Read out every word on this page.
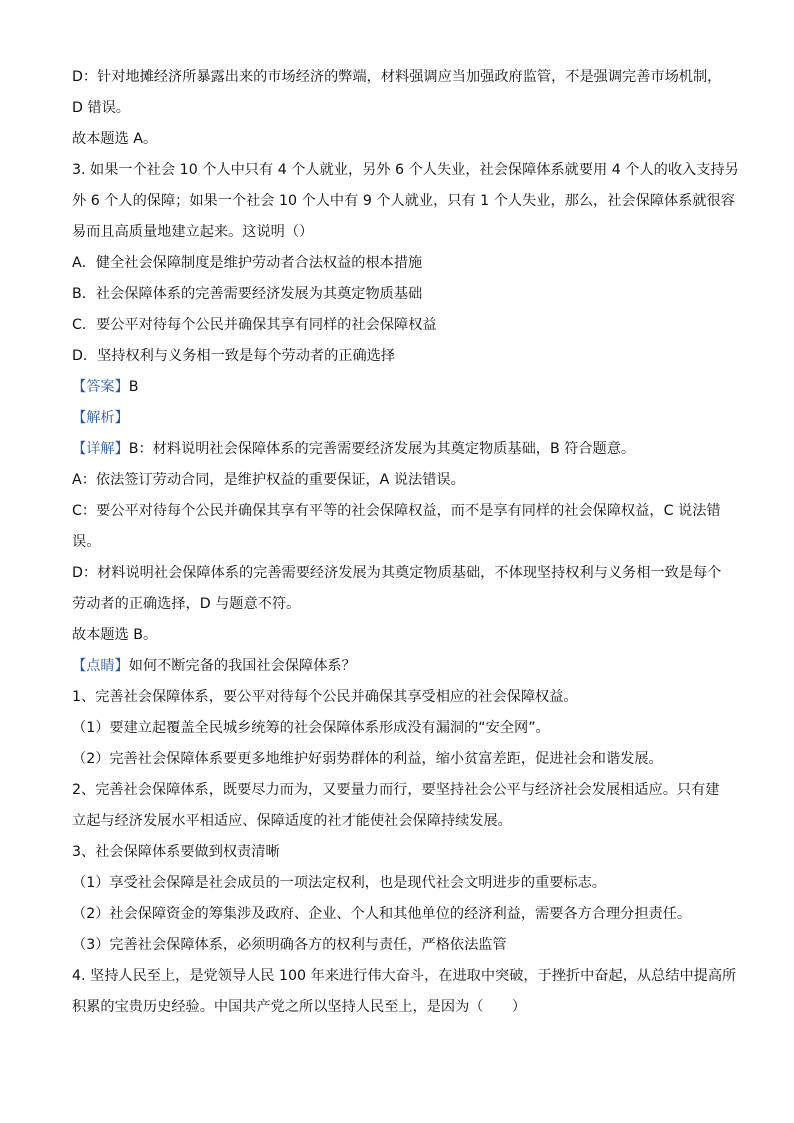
D：针对地摊经济所暴露出来的市场经济的弊端，材料强调应当加强政府监管，不是强调完善市场机制，

D 错误。

故本题选 A。

3. 如果一个社会 10 个人中只有 4 个人就业，另外 6 个人失业，社会保障体系就要用 4 个人的收入支持另

外 6 个人的保障；如果一个社会 10 个人中有 9 个人就业，只有 1 个人失业，那么，社会保障体系就很容

易而且高质量地建立起来。这说明（）

A．健全社会保障制度是维护劳动者合法权益的根本措施

B．社会保障体系的完善需要经济发展为其奠定物质基础

C．要公平对待每个公民并确保其享有同样的社会保障权益

D．坚持权利与义务相一致是每个劳动者的正确选择

【答案】B

【解析】

【详解】B：材料说明社会保障体系的完善需要经济发展为其奠定物质基础，B 符合题意。

A：依法签订劳动合同，是维护权益的重要保证，A 说法错误。

C：要公平对待每个公民并确保其享有平等的社会保障权益，而不是享有同样的社会保障权益，C 说法错

误。

D：材料说明社会保障体系的完善需要经济发展为其奠定物质基础，不体现坚持权利与义务相一致是每个

劳动者的正确选择，D 与题意不符。

故本题选 B。

【点睛】如何不断完备的我国社会保障体系？

1、完善社会保障体系，要公平对待每个公民并确保其享受相应的社会保障权益。

（1）要建立起覆盖全民城乡统筹的社会保障体系形成没有漏洞的“安全网”。

（2）完善社会保障体系要更多地维护好弱势群体的利益，缩小贫富差距，促进社会和谐发展。

2、完善社会保障体系，既要尽力而为，又要量力而行，要坚持社会公平与经济社会发展相适应。只有建

立起与经济发展水平相适应、保障适度的社才能使社会保障持续发展。

3、社会保障体系要做到权责清晰

（1）享受社会保障是社会成员的一项法定权利，也是现代社会文明进步的重要标志。

（2）社会保障资金的筹集涉及政府、企业、个人和其他单位的经济利益，需要各方合理分担责任。

（3）完善社会保障体系，必须明确各方的权利与责任，严格依法监管

4. 坚持人民至上，是党领导人民 100 年来进行伟大奋斗，在进取中突破，于挫折中奋起，从总结中提高所

积累的宝贵历史经验。中国共产党之所以坚持人民至上，是因为（　　）
